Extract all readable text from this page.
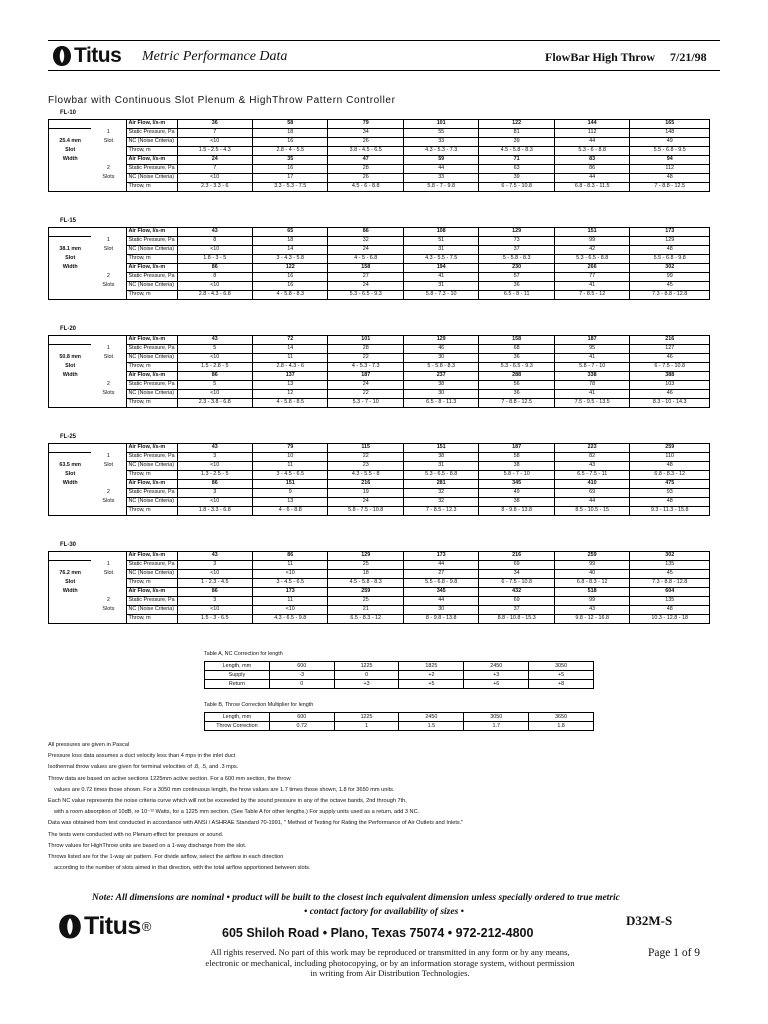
Titus Metric Performance Data	FlowBar High Throw 7/21/98
Flowbar with Continuous Slot Plenum & HighThrow Pattern Controller
FL-10
		Air Flow, l/s-m	36	58	79	101	122	144	165
	1	Static Pressure, Pa	7	18	34	55	81	112	148
25.4 mm	Slot	NC (Noise Criteria)	<10	16	26	33	39	44	49
Slot		Throw, m	1.5 - 2.5 - 4.3	2.8 - 4 - 5.5	3.8 - 4.5 - 6.5	4.3 - 5.3 - 7.3	4.5 - 5.8 - 8.3	5.3 - 6 - 8.8	5.5 - 6.8 - 9.5
Width		Air Flow, l/s-m	24	35	47	59	71	83	94
	2	Static Pressure, Pa	7	16	28	44	63	86	112
	Slots	NC (Noise Criteria)	<10	17	26	33	39	44	48
		Throw, m	2.3 - 3.3 - 6	3.3 - 5.3 - 7.5	4.5 - 6 - 8.8	5.8 - 7 - 9.8	6 - 7.5 - 10.8	6.8 - 8.3 - 11.5	7 - 8.8 - 12.5
FL-15
		Air Flow, l/s-m	43	65	86	108	129	151	173
	1	Static Pressure, Pa	8	18	32	51	73	99	129
38.1 mm	Slot	NC (Noise Criteria)	<10	14	24	31	37	42	48
Slot		Throw, m	1.8 - 3 - 5	3 - 4.3 - 5.8	4 - 5 - 6.8	4.3 - 5.5 - 7.5	5 - 5.8 - 8.3	5.3 - 6.5 - 8.8	5.5 - 6.8 - 9.8
Width		Air Flow, l/s-m	86	122	158	194	230	266	302
	2	Static Pressure, Pa	8	16	27	41	57	77	99
	Slots	NC (Noise Criteria)	<10	16	24	31	36	41	45
		Throw, m	2.8 - 4.3 - 6.8	4 - 5.8 - 8.3	5.3 - 6.5 - 9.3	5.8 - 7.3 - 10	6.5 - 8 - 11	7 - 8.5 - 12	7.3 - 8.8 - 12.8
FL-20
		Air Flow, l/s-m	43	72	101	129	158	187	216
	1	Static Pressure, Pa	5	14	28	46	68	95	127
50.8 mm	Slot	NC (Noise Criteria)	<10	11	22	30	36	41	46
Slot		Throw, m	1.5 - 2.8 - 5	2.8 - 4.3 - 6	4 - 5.3 - 7.3	5 - 5.8 - 8.3	5.3 - 6.5 - 9.3	5.8 - 7 - 10	6 - 7.5 - 10.8
Width		Air Flow, l/s-m	86	137	187	237	288	338	388
	2	Static Pressure, Pa	5	13	24	38	56	78	103
	Slots	NC (Noise Criteria)	<10	12	22	30	36	41	46
		Throw, m	2.3 - 3.8 - 6.8	4 - 5.8 - 8.5	5.3 - 7 - 10	6.5 - 8 - 11.3	7 - 8.8 - 12.5	7.5 - 9.5 - 13.5	8.3 - 10 - 14.3
FL-25
		Air Flow, l/s-m	43	79	115	151	187	223	259
	1	Static Pressure, Pa	3	10	22	38	58	82	110
63.5 mm	Slot	NC (Noise Criteria)	<10	11	23	31	38	43	48
Slot		Throw, m	1.3 - 2.5 - 5	3 - 4.5 - 6.5	4.3 - 5.5 - 8	5.3 - 6.5 - 8.8	5.8 - 7 - 10	6.5 - 7.5 - 11	6.8 - 8.3 - 12
Width		Air Flow, l/s-m	86	151	216	281	345	410	475
	2	Static Pressure, Pa	3	9	19	32	49	69	93
	Slots	NC (Noise Criteria)	<10	13	24	32	38	44	48
		Throw, m	1.8 - 3.3 - 6.8	4 - 6 - 8.8	5.8 - 7.5 - 10.8	7 - 8.5 - 12.3	8 - 9.8 - 13.8	8.5 - 10.5 - 15	9.3 - 11.3 - 15.8
FL-30
		Air Flow, l/s-m	43	86	129	173	216	259	302
	1	Static Pressure, Pa	3	11	25	44	69	99	135
76.2 mm	Slot	NC (Noise Criteria)	<10	<10	18	27	34	40	45
Slot		Throw, m	1 - 2.3 - 4.5	3 - 4.5 - 6.5	4.5 - 5.8 - 8.3	5.5 - 6.8 - 9.8	6 - 7.5 - 10.8	6.8 - 8.3 - 12	7.3 - 8.8 - 12.8
Width		Air Flow, l/s-m	86	173	259	345	432	518	604
	2	Static Pressure, Pa	3	11	25	44	69	99	135
	Slots	NC (Noise Criteria)	<10	<10	21	30	37	43	48
		Throw, m	1.5 - 3 - 6.5	4.3 - 6.5 - 9.8	6.5 - 8.3 - 12	8 - 9.8 - 13.8	8.8 - 10.8 - 15.3	9.8 - 12 - 16.8	10.3 - 12.8 - 18
Table A, NC Correction for length
Length, mm	600	1225	1825	2450	3050
Supply	-3	0	+2	+3	+5
Return	0	+3	+5	+6	+8
Table B, Throw Correction Multiplier for length
Length, mm	600	1225	2450	3050	3650
Throw Correction	0.72	1	1.5	1.7	1.8

All pressures are given in Pascal

Pressure loss data assumes a duct velocity less than 4 mps in the inlet duct

Isothermal throw values are given for terminal velocities of .8, .5, and .3 mps.

Throw data are based on active sections 1225mm active section. For a 600 mm section, the throw

values are 0.72 times those shown. For a 3050 mm continuous length, the hrow values are 1.7 times those shown, 1.8 for 3650 mm units.

Each NC value represents the noise criteria curve which will not be exceeded by the sound pressure in any of the octave bands, 2nd through 7th,

with a room absorption of 10dB, re 10⁻¹² Watts, for a 1225 mm section. (See Table A for other lengths.) For supply units used as a return, add 3 NC.

Data was obtained from test conducted in accordance with ANSI / ASHRAE Standard 70-1991, " Method of Testing for Rating the Performance of Air Outlets and Inlets."

The tests were conducted with no Plenum effect for pressure or sound.

Throw values for HighThrow units are based on a 1-way discharge from the slot.

Throws listed are for the 1-way air pattern. For divide airflow, select the airflow in each direction

according to the number of slots aimed in that direction, with the total airflow apportioned between slots.

Note: All dimensions are nominal • product will be built to the closest inch equivalent dimension unless specially ordered to true metric
• contact factory for availability of sizes •
Titus ®	605 Shiloh Road • Plano, Texas 75074 • 972-212-4800
D32M-S
Page 1 of 9
All rights reserved. No part of this work may be reproduced or transmitted in any form or by any means,
electronic or mechanical, including photocopying, or by an information storage system, without permission
in writing from Air Distribution Technologies.
